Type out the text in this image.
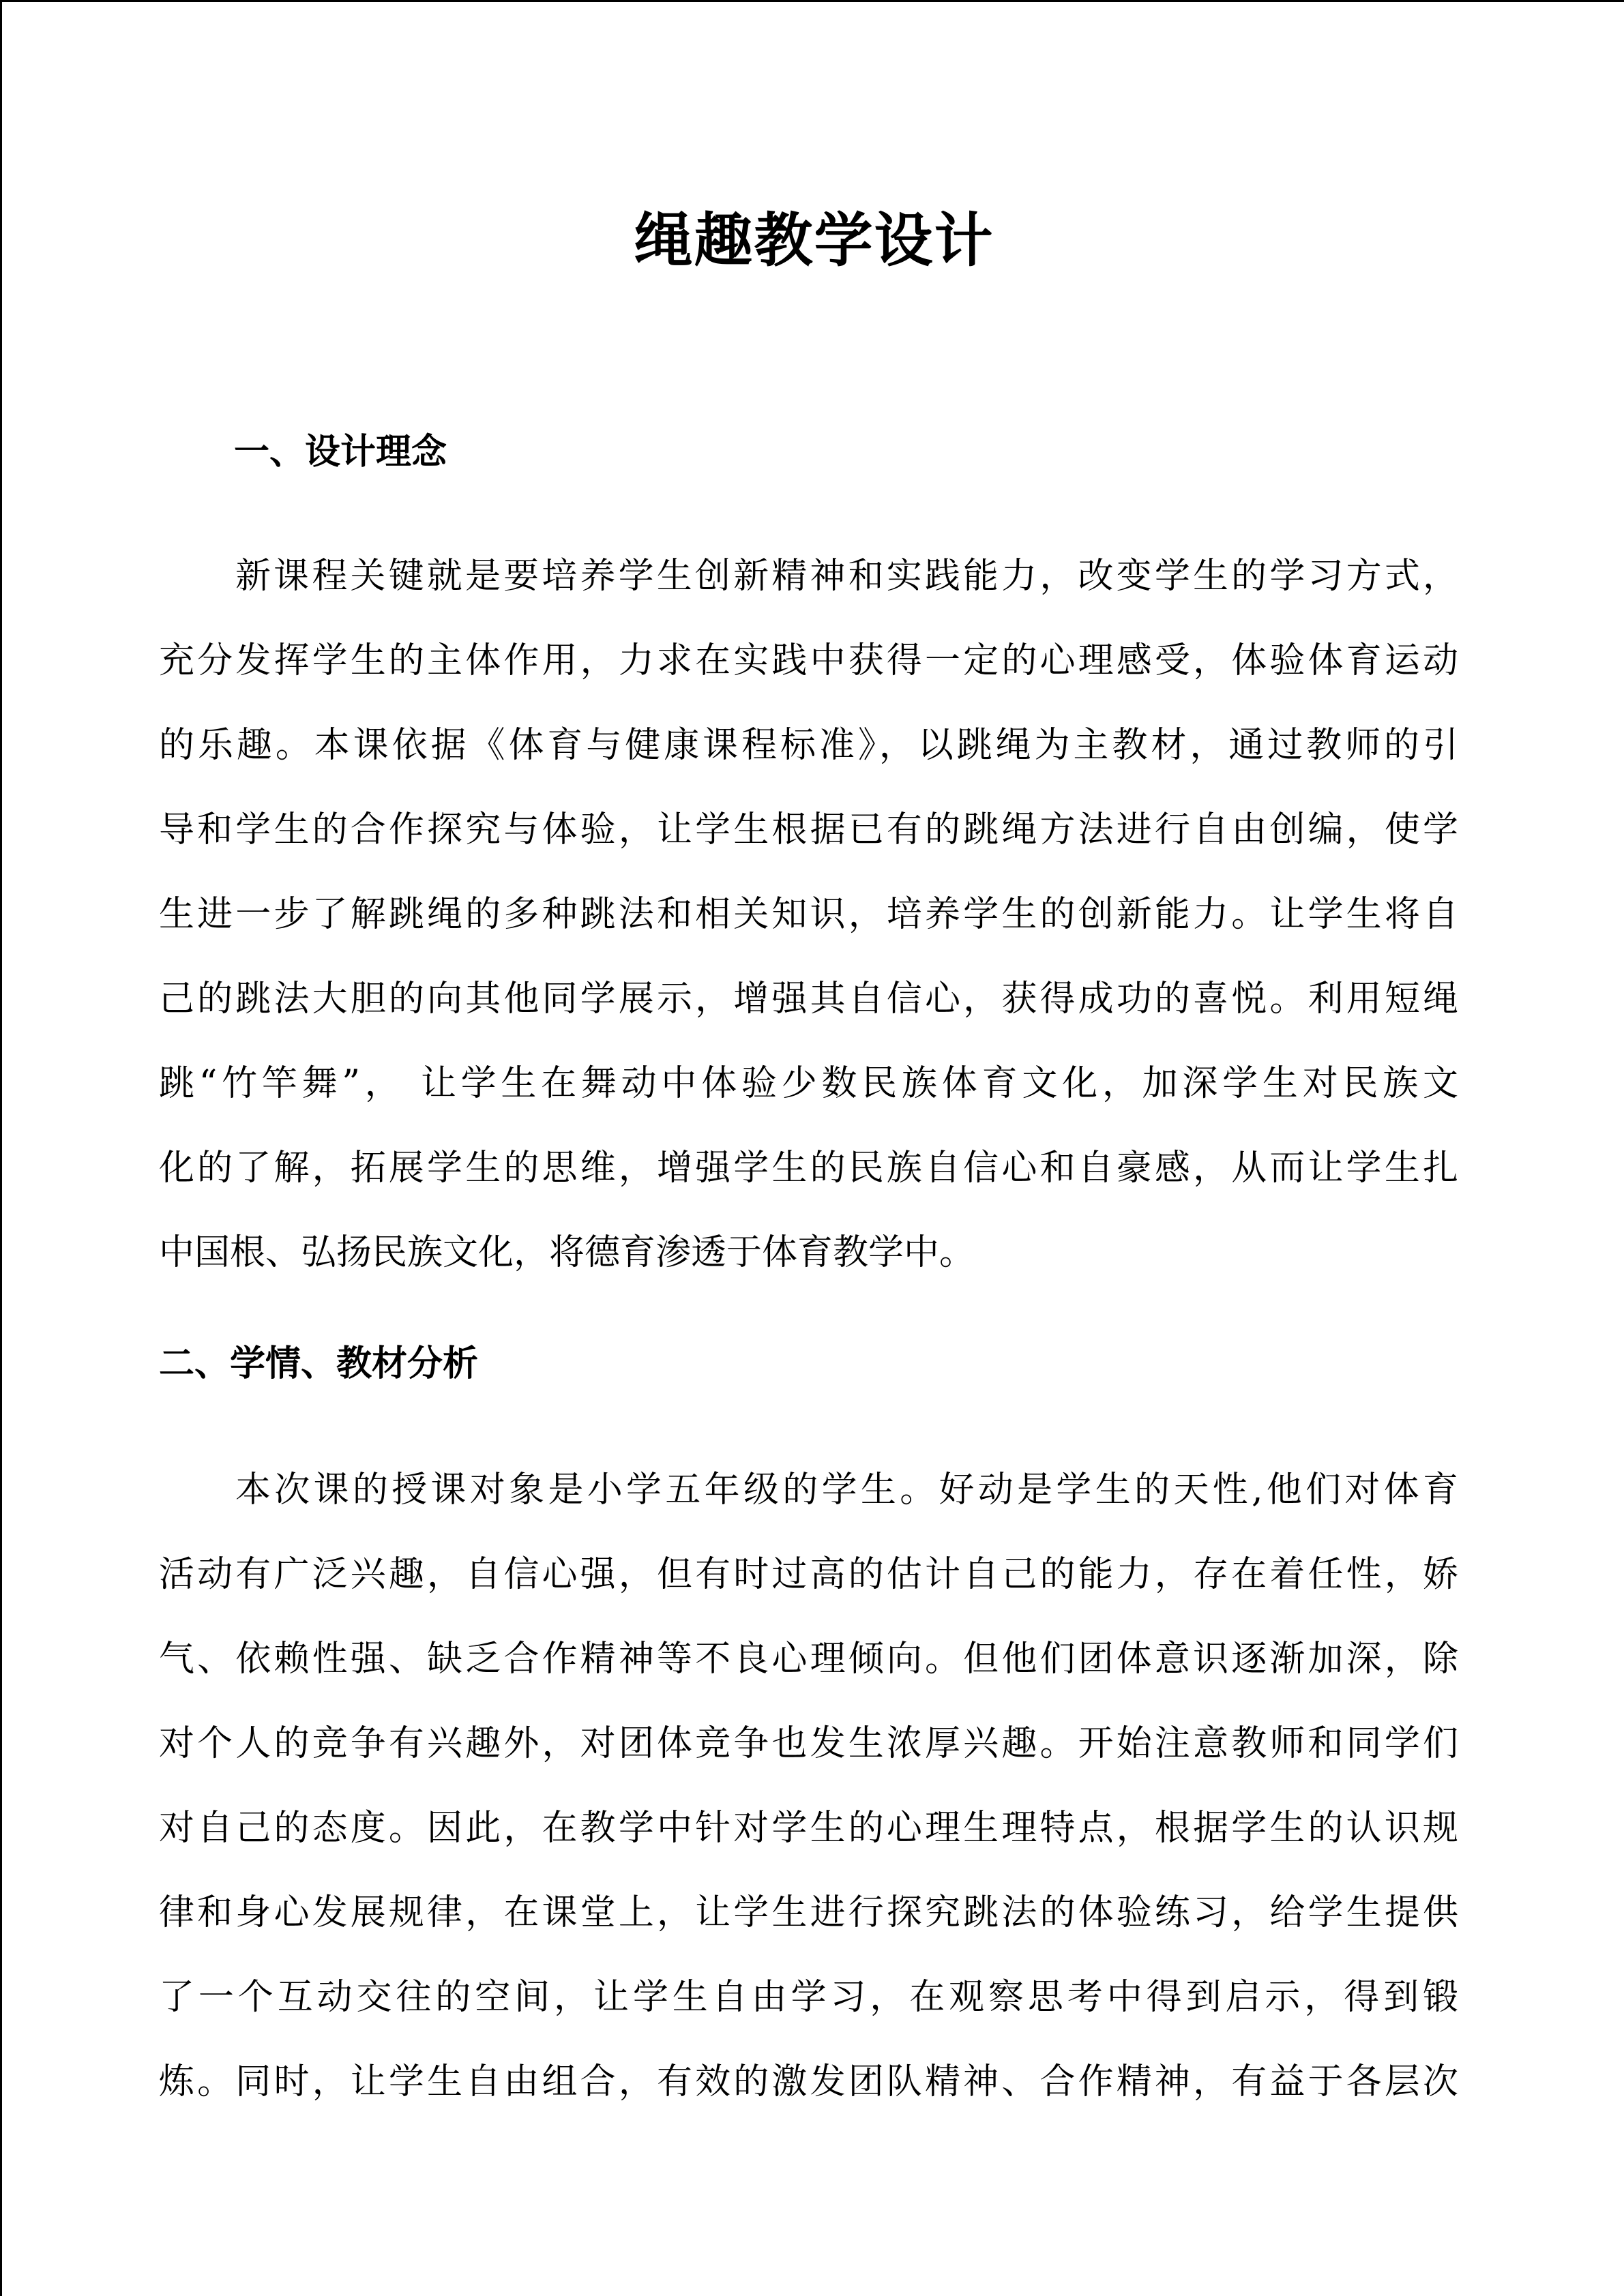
绳趣教学设计
一、设计理念
新课程关键就是要培养学生创新精神和实践能力，改变学生的学习方式，
充分发挥学生的主体作用，力求在实践中获得一定的心理感受，体验体育运动
的乐趣。本课依据《体育与健康课程标准》，以跳绳为主教材，通过教师的引
导和学生的合作探究与体验，让学生根据已有的跳绳方法进行自由创编，使学
生进一步了解跳绳的多种跳法和相关知识，培养学生的创新能力。让学生将自
己的跳法大胆的向其他同学展示，增强其自信心，获得成功的喜悦。利用短绳
跳“竹竿舞”， 让学生在舞动中体验少数民族体育文化，加深学生对民族文
化的了解，拓展学生的思维，增强学生的民族自信心和自豪感，从而让学生扎
中国根、弘扬民族文化，将德育渗透于体育教学中。
二、学情、教材分析
本次课的授课对象是小学五年级的学生。好动是学生的天性,他们对体育
活动有广泛兴趣，自信心强，但有时过高的估计自己的能力，存在着任性，娇
气、依赖性强、缺乏合作精神等不良心理倾向。但他们团体意识逐渐加深，除
对个人的竞争有兴趣外，对团体竞争也发生浓厚兴趣。开始注意教师和同学们
对自己的态度。因此，在教学中针对学生的心理生理特点，根据学生的认识规
律和身心发展规律，在课堂上，让学生进行探究跳法的体验练习，给学生提供
了一个互动交往的空间，让学生自由学习，在观察思考中得到启示，得到锻
炼。同时，让学生自由组合，有效的激发团队精神、合作精神，有益于各层次
